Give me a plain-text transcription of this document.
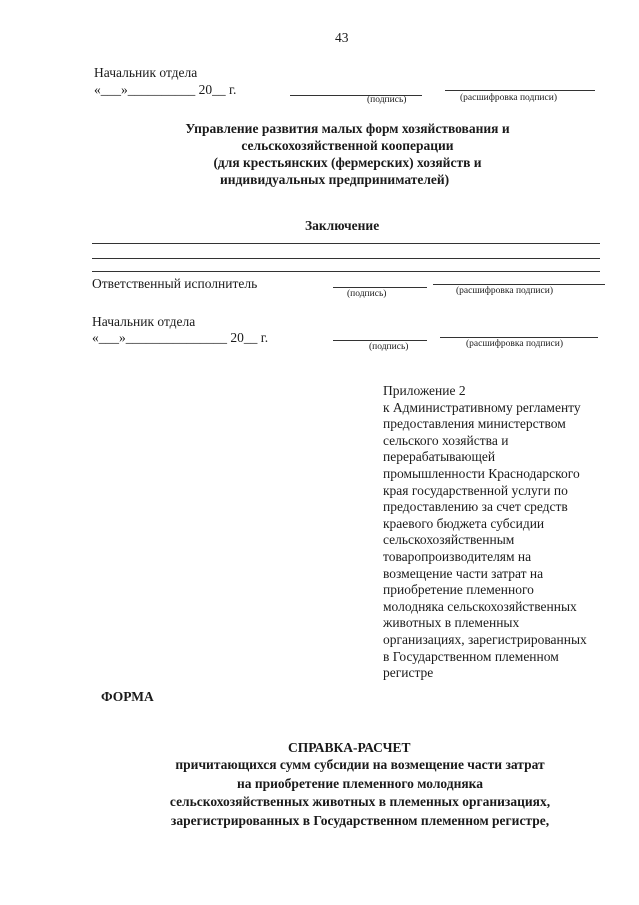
43
Начальник отдела
«___»__________ 20__ г.
(подпись)	(расшифровка подписи)
Управление развития малых форм хозяйствования и
сельскохозяйственной кооперации
(для крестьянских (фермерских) хозяйств и
индивидуальных предпринимателей)
Заключение
Ответственный исполнитель
(подпись)	(расшифровка подписи)
Начальник отдела
«___»_______________ 20__ г.
(подпись)	(расшифровка подписи)
Приложение 2
к Административному регламенту
предоставления министерством
сельского хозяйства и
перерабатывающей
промышленности Краснодарского
края государственной услуги по
предоставлению за счет средств
краевого бюджета субсидии
сельскохозяйственным
товаропроизводителям на
возмещение части затрат на
приобретение племенного
молодняка сельскохозяйственных
животных в племенных
организациях, зарегистрированных
в Государственном племенном
регистре
ФОРМА
СПРАВКА-РАСЧЕТ
причитающихся сумм субсидии на возмещение части затрат
на приобретение племенного молодняка
сельскохозяйственных животных в племенных организациях,
зарегистрированных в Государственном племенном регистре,
